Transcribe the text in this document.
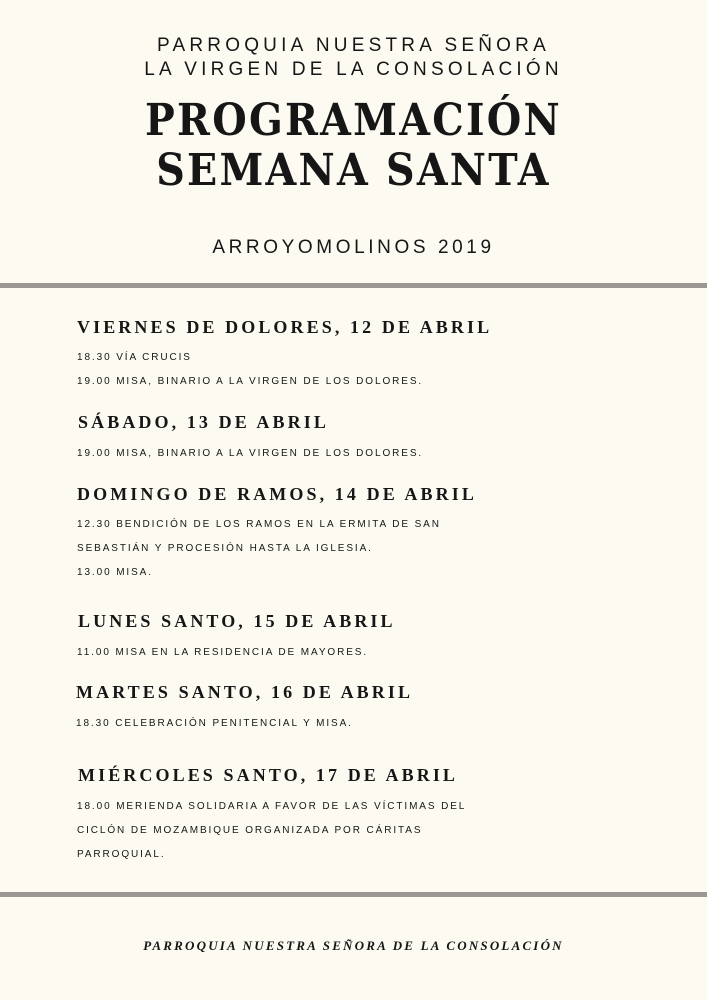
PARROQUIA NUESTRA SEÑORA
LA VIRGEN DE LA CONSOLACIÓN
PROGRAMACIÓN
SEMANA SANTA
ARROYOMOLINOS 2019
VIERNES DE DOLORES, 12 DE ABRIL
18.30 VÍA CRUCIS
19.00 MISA, BINARIO A LA VIRGEN DE LOS DOLORES.
SÁBADO, 13 DE ABRIL
19.00 MISA, BINARIO A LA VIRGEN DE LOS DOLORES.
DOMINGO DE RAMOS, 14 DE ABRIL
12.30 BENDICIÓN DE LOS RAMOS EN LA ERMITA DE SAN
SEBASTIÁN Y PROCESIÓN HASTA LA IGLESIA.
13.00 MISA.
LUNES SANTO, 15 DE ABRIL
11.00 MISA EN LA RESIDENCIA DE MAYORES.
MARTES SANTO, 16 DE ABRIL
18.30 CELEBRACIÓN PENITENCIAL Y MISA.
MIÉRCOLES SANTO, 17 DE ABRIL
18.00 MERIENDA SOLIDARIA A FAVOR DE LAS VÍCTIMAS DEL
CICLÓN DE MOZAMBIQUE ORGANIZADA POR CÁRITAS
PARROQUIAL.
PARROQUIA NUESTRA SEÑORA DE LA CONSOLACIÓN
